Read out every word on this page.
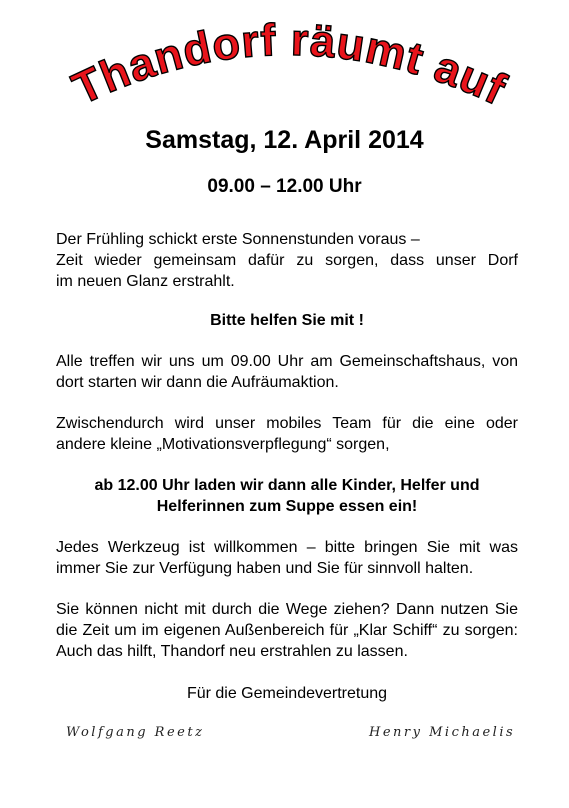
Thandorf räumt auf

Samstag, 12. April 2014

09.00 – 12.00 Uhr

Der Frühling schickt erste Sonnenstunden voraus –
Zeit wieder gemeinsam dafür zu sorgen, dass unser Dorf
im neuen Glanz erstrahlt.

Bitte helfen Sie mit !

Alle treffen wir uns um 09.00 Uhr am Gemeinschaftshaus, von dort starten wir dann die Aufräumaktion.

Zwischendurch wird unser mobiles Team für die eine oder andere kleine „Motivationsverpflegung“ sorgen,

ab 12.00 Uhr laden wir dann alle Kinder, Helfer und Helferinnen zum Suppe essen ein!

Jedes Werkzeug ist willkommen – bitte bringen Sie mit was immer Sie zur Verfügung haben und Sie für sinnvoll halten.

Sie können nicht mit durch die Wege ziehen? Dann nutzen Sie die Zeit um im eigenen Außenbereich für „Klar Schiff“ zu sorgen: Auch das hilft, Thandorf neu erstrahlen zu lassen.

Für die Gemeindevertretung

Wolfgang Reetz	Henry Michaelis
